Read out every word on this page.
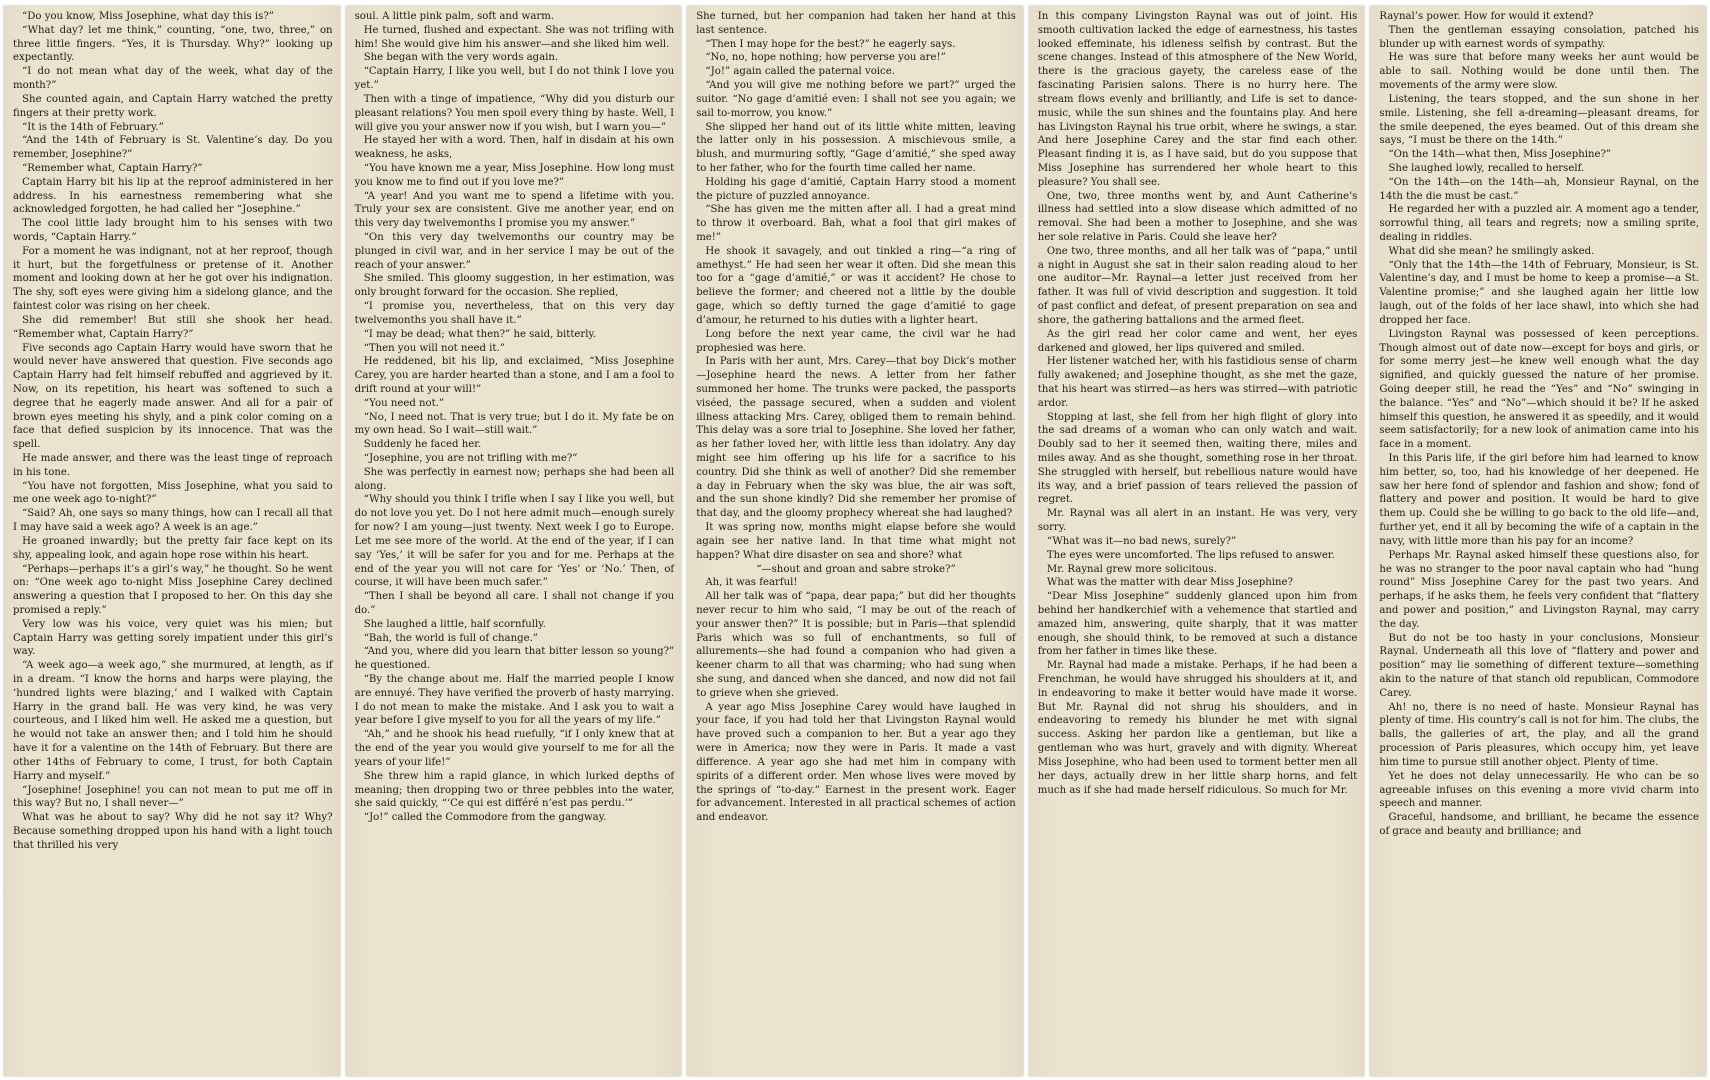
“Do you know, Miss Josephine, what day this is?”

“What day? let me think,” counting, “one, two, three,” on three little fingers. “Yes, it is Thursday. Why?” looking up expectantly.

“I do not mean what day of the week, what day of the month?”

She counted again, and Captain Harry watched the pretty fingers at their pretty work.

“It is the 14th of February.”

“And the 14th of February is St. Valentine’s day. Do you remember, Josephine?”

“Remember what, Captain Harry?”

Captain Harry bit his lip at the reproof administered in her address. In his earnestness remembering what she acknowledged forgotten, he had called her “Josephine.”

The cool little lady brought him to his senses with two words, “Captain Harry.”

For a moment he was indignant, not at her reproof, though it hurt, but the forgetfulness or pretense of it. Another moment and looking down at her he got over his indignation. The shy, soft eyes were giving him a sidelong glance, and the faintest color was rising on her cheek.

She did remember! But still she shook her head. “Remember what, Captain Harry?”

Five seconds ago Captain Harry would have sworn that he would never have answered that question. Five seconds ago Captain Harry had felt himself rebuffed and aggrieved by it. Now, on its repetition, his heart was softened to such a degree that he eagerly made answer. And all for a pair of brown eyes meeting his shyly, and a pink color coming on a face that defied suspicion by its innocence. That was the spell.

He made answer, and there was the least tinge of reproach in his tone.

“You have not forgotten, Miss Josephine, what you said to me one week ago to-night?”

“Said? Ah, one says so many things, how can I recall all that I may have said a week ago? A week is an age.”

He groaned inwardly; but the pretty fair face kept on its shy, appealing look, and again hope rose within his heart.

“Perhaps—perhaps it’s a girl’s way,” he thought. So he went on: “One week ago to-night Miss Josephine Carey declined answering a question that I proposed to her. On this day she promised a reply.”

Very low was his voice, very quiet was his mien; but Captain Harry was getting sorely impatient under this girl’s way.

“A week ago—a week ago,” she murmured, at length, as if in a dream. “I know the horns and harps were playing, the ‘hundred lights were blazing,’ and I walked with Captain Harry in the grand ball. He was very kind, he was very courteous, and I liked him well. He asked me a question, but he would not take an answer then; and I told him he should have it for a valentine on the 14th of February. But there are other 14ths of February to come, I trust, for both Captain Harry and myself.”

“Josephine! Josephine! you can not mean to put me off in this way? But no, I shall never—”

What was he about to say? Why did he not say it? Why? Because something dropped upon his hand with a light touch that thrilled his very

soul. A little pink palm, soft and warm.

He turned, flushed and expectant. She was not trifling with him! She would give him his answer—and she liked him well.

She began with the very words again.

“Captain Harry, I like you well, but I do not think I love you yet.”

Then with a tinge of impatience, “Why did you disturb our pleasant relations? You men spoil every thing by haste. Well, I will give you your answer now if you wish, but I warn you—”

He stayed her with a word. Then, half in disdain at his own weakness, he asks,

“You have known me a year, Miss Josephine. How long must you know me to find out if you love me?”

“A year! And you want me to spend a lifetime with you. Truly your sex are consistent. Give me another year, end on this very day twelvemonths I promise you my answer.”

“On this very day twelvemonths our country may be plunged in civil war, and in her service I may be out of the reach of your answer.”

She smiled. This gloomy suggestion, in her estimation, was only brought forward for the occasion. She replied,

“I promise you, nevertheless, that on this very day twelvemonths you shall have it.”

“I may be dead; what then?” he said, bitterly.

“Then you will not need it.”

He reddened, bit his lip, and exclaimed, “Miss Josephine Carey, you are harder hearted than a stone, and I am a fool to drift round at your will!”

“You need not.”

“No, I need not. That is very true; but I do it. My fate be on my own head. So I wait—still wait.”

Suddenly he faced her.

“Josephine, you are not trifling with me?”

She was perfectly in earnest now; perhaps she had been all along.

“Why should you think I trifle when I say I like you well, but do not love you yet. Do I not here admit much—enough surely for now? I am young—just twenty. Next week I go to Europe. Let me see more of the world. At the end of the year, if I can say ‘Yes,’ it will be safer for you and for me. Perhaps at the end of the year you will not care for ‘Yes’ or ‘No.’ Then, of course, it will have been much safer.”

“Then I shall be beyond all care. I shall not change if you do.”

She laughed a little, half scornfully.

“Bah, the world is full of change.”

“And you, where did you learn that bitter lesson so young?” he questioned.

“By the change about me. Half the married people I know are ennuyé. They have verified the proverb of hasty marrying. I do not mean to make the mistake. And I ask you to wait a year before I give myself to you for all the years of my life.”

“Ah,” and he shook his head ruefully, “if I only knew that at the end of the year you would give yourself to me for all the years of your life!”

She threw him a rapid glance, in which lurked depths of meaning; then dropping two or three pebbles into the water, she said quickly, “‘Ce qui est différé n’est pas perdu.’”

“Jo!” called the Commodore from the gangway.

She turned, but her companion had taken her hand at this last sentence.

“Then I may hope for the best?” he eagerly says.

“No, no, hope nothing; how perverse you are!”

“Jo!” again called the paternal voice.

“And you will give me nothing before we part?” urged the suitor. “No gage d’amitié even: I shall not see you again; we sail to-morrow, you know.”

She slipped her hand out of its little white mitten, leaving the latter only in his possession. A mischievous smile, a blush, and murmuring softly, “Gage d’amitié,” she sped away to her father, who for the fourth time called her name.

Holding his gage d’amitié, Captain Harry stood a moment the picture of puzzled annoyance.

“She has given me the mitten after all. I had a great mind to throw it overboard. Bah, what a fool that girl makes of me!”

He shook it savagely, and out tinkled a ring—“a ring of amethyst.” He had seen her wear it often. Did she mean this too for a “gage d’amitié,” or was it accident? He chose to believe the former; and cheered not a little by the double gage, which so deftly turned the gage d’amitié to gage d’amour, he returned to his duties with a lighter heart.

Long before the next year came, the civil war he had prophesied was here.

In Paris with her aunt, Mrs. Carey—that boy Dick’s mother—Josephine heard the news. A letter from her father summoned her home. The trunks were packed, the passports viséed, the passage secured, when a sudden and violent illness attacking Mrs. Carey, obliged them to remain behind. This delay was a sore trial to Josephine. She loved her father, as her father loved her, with little less than idolatry. Any day might see him offering up his life for a sacrifice to his country. Did she think as well of another? Did she remember a day in February when the sky was blue, the air was soft, and the sun shone kindly? Did she remember her promise of that day, and the gloomy prophecy whereat she had laughed?

It was spring now, months might elapse before she would again see her native land. In that time what might not happen? What dire disaster on sea and shore? what

“—shout and groan and sabre stroke?”

Ah, it was fearful!

All her talk was of “papa, dear papa;” but did her thoughts never recur to him who said, “I may be out of the reach of your answer then?” It is possible; but in Paris—that splendid Paris which was so full of enchantments, so full of allurements—she had found a companion who had given a keener charm to all that was charming; who had sung when she sung, and danced when she danced, and now did not fail to grieve when she grieved.

A year ago Miss Josephine Carey would have laughed in your face, if you had told her that Livingston Raynal would have proved such a companion to her. But a year ago they were in America; now they were in Paris. It made a vast difference. A year ago she had met him in company with spirits of a different order. Men whose lives were moved by the springs of “to-day.” Earnest in the present work. Eager for advancement. Interested in all practical schemes of action and endeavor.

In this company Livingston Raynal was out of joint. His smooth cultivation lacked the edge of earnestness, his tastes looked effeminate, his idleness selfish by contrast. But the scene changes. Instead of this atmosphere of the New World, there is the gracious gayety, the careless ease of the fascinating Parisien salons. There is no hurry here. The stream flows evenly and brilliantly, and Life is set to dance-music, while the sun shines and the fountains play. And here has Livingston Raynal his true orbit, where he swings, a star. And here Josephine Carey and the star find each other. Pleasant finding it is, as I have said, but do you suppose that Miss Josephine has surrendered her whole heart to this pleasure? You shall see.

One, two, three months went by, and Aunt Catherine’s illness had settled into a slow disease which admitted of no removal. She had been a mother to Josephine, and she was her sole relative in Paris. Could she leave her?

One two, three months, and all her talk was of “papa,” until a night in August she sat in their salon reading aloud to her one auditor—Mr. Raynal—a letter just received from her father. It was full of vivid description and suggestion. It told of past conflict and defeat, of present preparation on sea and shore, the gathering battalions and the armed fleet.

As the girl read her color came and went, her eyes darkened and glowed, her lips quivered and smiled.

Her listener watched her, with his fastidious sense of charm fully awakened; and Josephine thought, as she met the gaze, that his heart was stirred—as hers was stirred—with patriotic ardor.

Stopping at last, she fell from her high flight of glory into the sad dreams of a woman who can only watch and wait. Doubly sad to her it seemed then, waiting there, miles and miles away. And as she thought, something rose in her throat. She struggled with herself, but rebellious nature would have its way, and a brief passion of tears relieved the passion of regret.

Mr. Raynal was all alert in an instant. He was very, very sorry.

“What was it—no bad news, surely?”

The eyes were uncomforted. The lips refused to answer.

Mr. Raynal grew more solicitous.

What was the matter with dear Miss Josephine?

“Dear Miss Josephine” suddenly glanced upon him from behind her handkerchief with a vehemence that startled and amazed him, answering, quite sharply, that it was matter enough, she should think, to be removed at such a distance from her father in times like these.

Mr. Raynal had made a mistake. Perhaps, if he had been a Frenchman, he would have shrugged his shoulders at it, and in endeavoring to make it better would have made it worse. But Mr. Raynal did not shrug his shoulders, and in endeavoring to remedy his blunder he met with signal success. Asking her pardon like a gentleman, but like a gentleman who was hurt, gravely and with dignity. Whereat Miss Josephine, who had been used to torment better men all her days, actually drew in her little sharp horns, and felt much as if she had made herself ridiculous. So much for Mr.

Raynal’s power. How for would it extend?

Then the gentleman essaying consolation, patched his blunder up with earnest words of sympathy.

He was sure that before many weeks her aunt would be able to sail. Nothing would be done until then. The movements of the army were slow.

Listening, the tears stopped, and the sun shone in her smile. Listening, she fell a-dreaming—pleasant dreams, for the smile deepened, the eyes beamed. Out of this dream she says, “I must be there on the 14th.”

“On the 14th—what then, Miss Josephine?”

She laughed lowly, recalled to herself.

“On the 14th—on the 14th—ah, Monsieur Raynal, on the 14th the die must be cast.”

He regarded her with a puzzled air. A moment ago a tender, sorrowful thing, all tears and regrets; now a smiling sprite, dealing in riddles.

What did she mean? he smilingly asked.

“Only that the 14th—the 14th of February, Monsieur, is St. Valentine’s day, and I must be home to keep a promise—a St. Valentine promise;” and she laughed again her little low laugh, out of the folds of her lace shawl, into which she had dropped her face.

Livingston Raynal was possessed of keen perceptions. Though almost out of date now—except for boys and girls, or for some merry jest—he knew well enough what the day signified, and quickly guessed the nature of her promise. Going deeper still, he read the “Yes” and “No” swinging in the balance. “Yes” and “No”—which should it be? If he asked himself this question, he answered it as speedily, and it would seem satisfactorily; for a new look of animation came into his face in a moment.

In this Paris life, if the girl before him had learned to know him better, so, too, had his knowledge of her deepened. He saw her here fond of splendor and fashion and show; fond of flattery and power and position. It would be hard to give them up. Could she be willing to go back to the old life—and, further yet, end it all by becoming the wife of a captain in the navy, with little more than his pay for an income?

Perhaps Mr. Raynal asked himself these questions also, for he was no stranger to the poor naval captain who had “hung round” Miss Josephine Carey for the past two years. And perhaps, if he asks them, he feels very confident that “flattery and power and position,” and Livingston Raynal, may carry the day.

But do not be too hasty in your conclusions, Monsieur Raynal. Underneath all this love of “flattery and power and position” may lie something of different texture—something akin to the nature of that stanch old republican, Commodore Carey.

Ah! no, there is no need of haste. Monsieur Raynal has plenty of time. His country’s call is not for him. The clubs, the balls, the galleries of art, the play, and all the grand procession of Paris pleasures, which occupy him, yet leave him time to pursue still another object. Plenty of time.

Yet he does not delay unnecessarily. He who can be so agreeable infuses on this evening a more vivid charm into speech and manner.

Graceful, handsome, and brilliant, he became the essence of grace and beauty and brilliance; and
